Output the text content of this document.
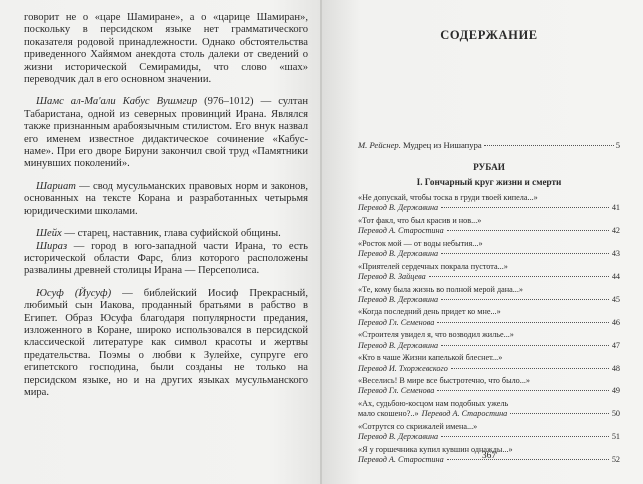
говорит не о «царе Шамиране», а о «царице Шамиран», поскольку в персидском языке нет грамматического показателя родовой принадлежности. Однако обстоятельства приведенного Хайямом анекдота столь далеки от сведений о жизни исторической Семирамиды, что слово «шах» переводчик дал в его основном значении.

Шамс ал-Ма'али Кабус Вушмгир (976–1012) — султан Табаристана, одной из северных провинций Ирана. Являлся также признанным арабоязычным стилистом. Его внук назвал его именем известное дидактическое сочинение «Кабус-наме». При его дворе Бируни закончил свой труд «Памятники минувших поколений».

Шариат — свод мусульманских правовых норм и законов, основанных на тексте Корана и разработанных четырьмя юридическими школами.

Шейх — старец, наставник, глава суфийской общины.

Шираз — город в юго-западной части Ирана, то есть исторической области Фарс, близ которого расположены развалины древней столицы Ирана — Персеполиса.

Юсуф (Йусуф) — библейский Иосиф Прекрасный, любимый сын Иакова, проданный братьями в рабство в Египет. Образ Юсуфа благодаря популярности предания, изложенного в Коране, широко использовался в персидской классической литературе как символ красоты и жертвы предательства. Поэмы о любви к Зулейхе, супруге его египетского господина, были созданы не только на персидском языке, но и на других языках мусульманского мира.

СОДЕРЖАНИЕ
М. Рейснер. Мудрец из Нишапура	5
РУБАИ
I. Гончарный круг жизни и смерти
«Не допускай, чтобы тоска в груди твоей кипела...»
Перевод В. Державина	41
«Тот факл, что был красив и нов...»
Перевод А. Старостина	42
«Росток мой — от воды небытия...»
Перевод В. Державина	43
«Приятелей сердечных покрала пустота...»
Перевод В. Зайцева	44
«Те, кому была жизнь во полной мерой дана...»
Перевод В. Державина	45
«Когда последний день придет ко мне...»
Перевод Гл. Семенова	46
«Строителя увидел я, что возводил жилье...»
Перевод В. Державина	47
«Кто в чаше Жизни капелькой блеснет...»
Перевод И. Тхоржевского	48
«Веселись! В мире все быстротечно, что было...»
Перевод Гл. Семенова	49
«Ах, судьбою-косцом нам подобных ужель
мало скошено?..» Перевод А. Старостина	50
«Сотрутся со скрижалей имена...»
Перевод В. Державина	51
«Я у горшечника купил кувшин однажды...»
Перевод А. Старостина	52
367
